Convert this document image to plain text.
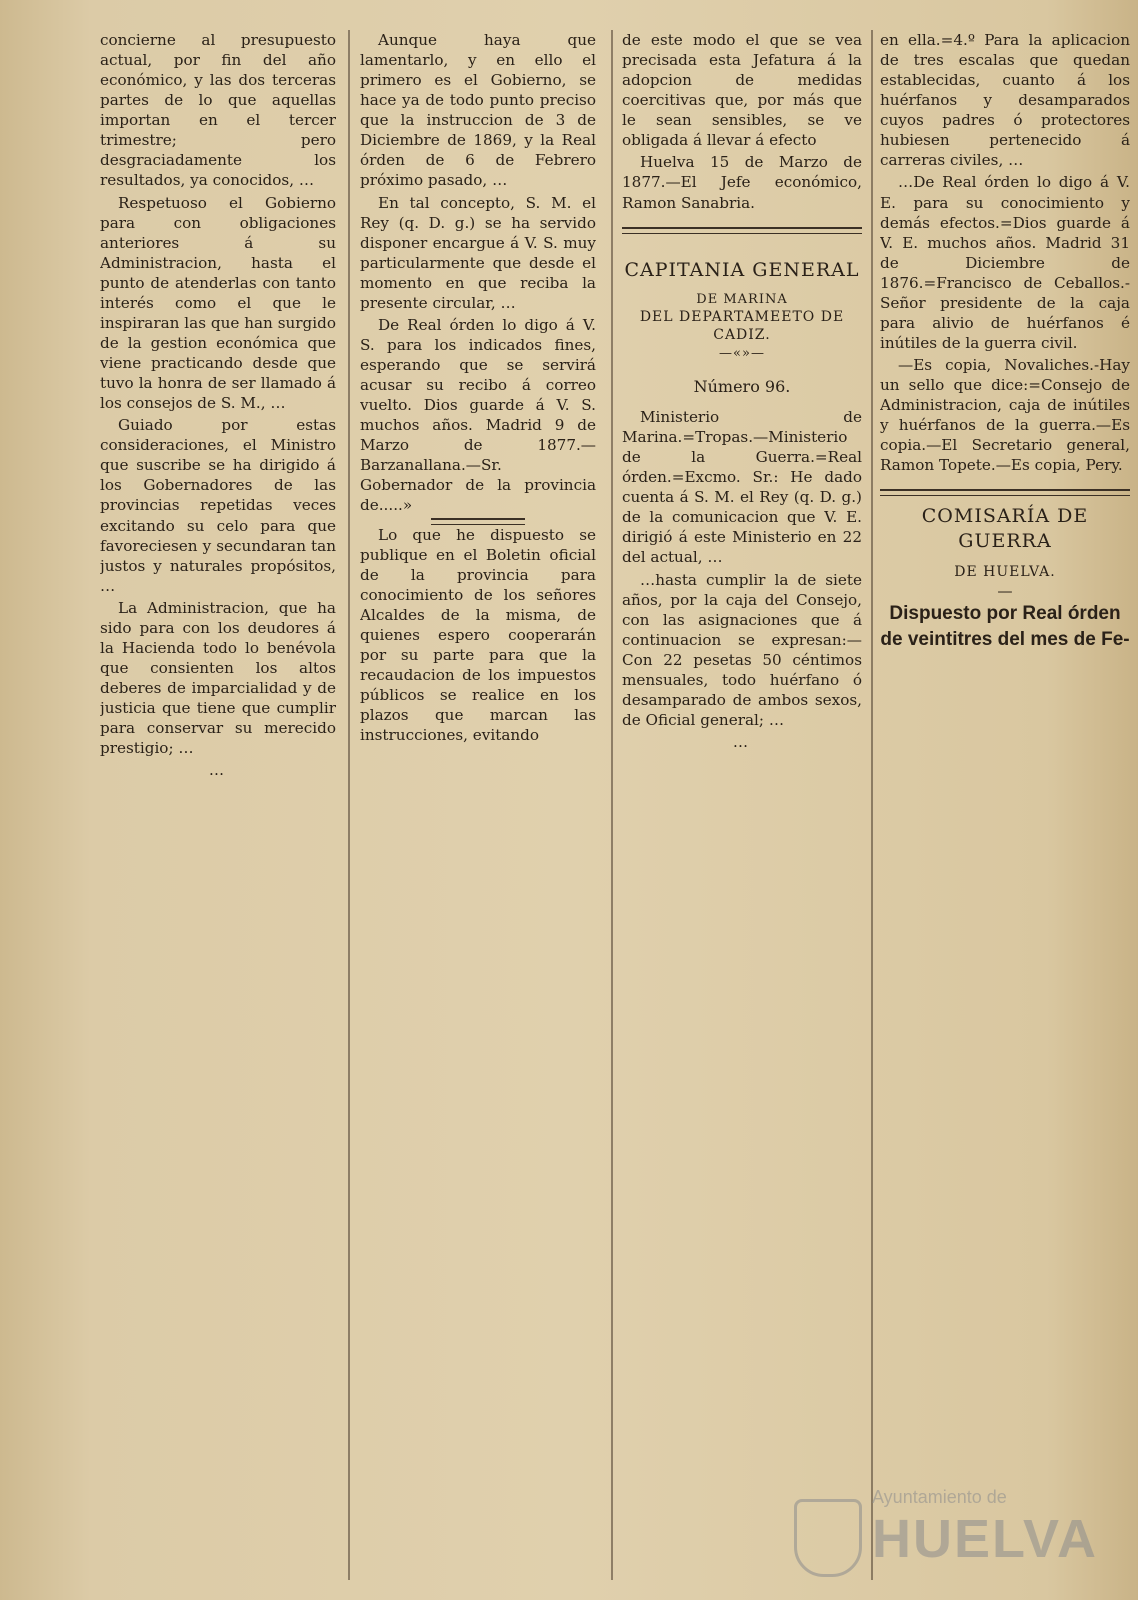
concierne al presupuesto actual, por fin del año económico, y las dos terceras partes de lo que aquellas importan en el tercer trimestre; pero desgraciadamente los resultados, ya conocidos, …

Respetuoso el Gobierno para con obligaciones anteriores á su Administracion, hasta el punto de atenderlas con tanto interés como el que le inspiraran las que han surgido de la gestion económica que viene practicando desde que tuvo la honra de ser llamado á los consejos de S. M., …

Guiado por estas consideraciones, el Ministro que suscribe se ha dirigido á los Gobernadores de las provincias repetidas veces excitando su celo para que favoreciesen y secundaran tan justos y naturales propósitos, …

La Administracion, que ha sido para con los deudores á la Hacienda todo lo benévola que consienten los altos deberes de imparcialidad y de justicia que tiene que cumplir para conservar su merecido prestigio; …

…

Aunque haya que lamentarlo, y en ello el primero es el Gobierno, se hace ya de todo punto preciso que la instruccion de 3 de Diciembre de 1869, y la Real órden de 6 de Febrero próximo pasado, …

En tal concepto, S. M. el Rey (q. D. g.) se ha servido disponer encargue á V. S. muy particularmente que desde el momento en que reciba la presente circular, …

De Real órden lo digo á V. S. para los indicados fines, esperando que se servirá acusar su recibo á correo vuelto. Dios guarde á V. S. muchos años. Madrid 9 de Marzo de 1877.—Barzanallana.—Sr. Gobernador de la provincia de.....»

Lo que he dispuesto se publique en el Boletin oficial de la provincia para conocimiento de los señores Alcaldes de la misma, de quienes espero cooperarán por su parte para que la recaudacion de los impuestos públicos se realice en los plazos que marcan las instrucciones, evitando

de este modo el que se vea precisada esta Jefatura á la adopcion de medidas coercitivas que, por más que le sean sensibles, se ve obligada á llevar á efecto

Huelva 15 de Marzo de 1877.—El Jefe económico, Ramon Sanabria.

CAPITANIA GENERAL
DE MARINA
DEL DEPARTAMEETO DE CADIZ.
—«»—
Número 96.

Ministerio de Marina.=Tropas.—Ministerio de la Guerra.=Real órden.=Excmo. Sr.: He dado cuenta á S. M. el Rey (q. D. g.) de la comunicacion que V. E. dirigió á este Ministerio en 22 del actual, …

…hasta cumplir la de siete años, por la caja del Consejo, con las asignaciones que á continuacion se expresan:—Con 22 pesetas 50 céntimos mensuales, todo huérfano ó desamparado de ambos sexos, de Oficial general; …

…

en ella.=4.º Para la aplicacion de tres escalas que quedan establecidas, cuanto á los huérfanos y desamparados cuyos padres ó protectores hubiesen pertenecido á carreras civiles, …

…De Real órden lo digo á V. E. para su conocimiento y demás efectos.=Dios guarde á V. E. muchos años. Madrid 31 de Diciembre de 1876.=Francisco de Ceballos.-Señor presidente de la caja para alivio de huérfanos é inútiles de la guerra civil.

—Es copia, Novaliches.-Hay un sello que dice:=Consejo de Administracion, caja de inútiles y huérfanos de la guerra.—Es copia.—El Secretario general, Ramon Topete.—Es copia, Pery.

COMISARÍA DE GUERRA
DE HUELVA.
—

Dispuesto por Real órden de veintitres del mes de Fe-

Ayuntamiento de
HUELVA
